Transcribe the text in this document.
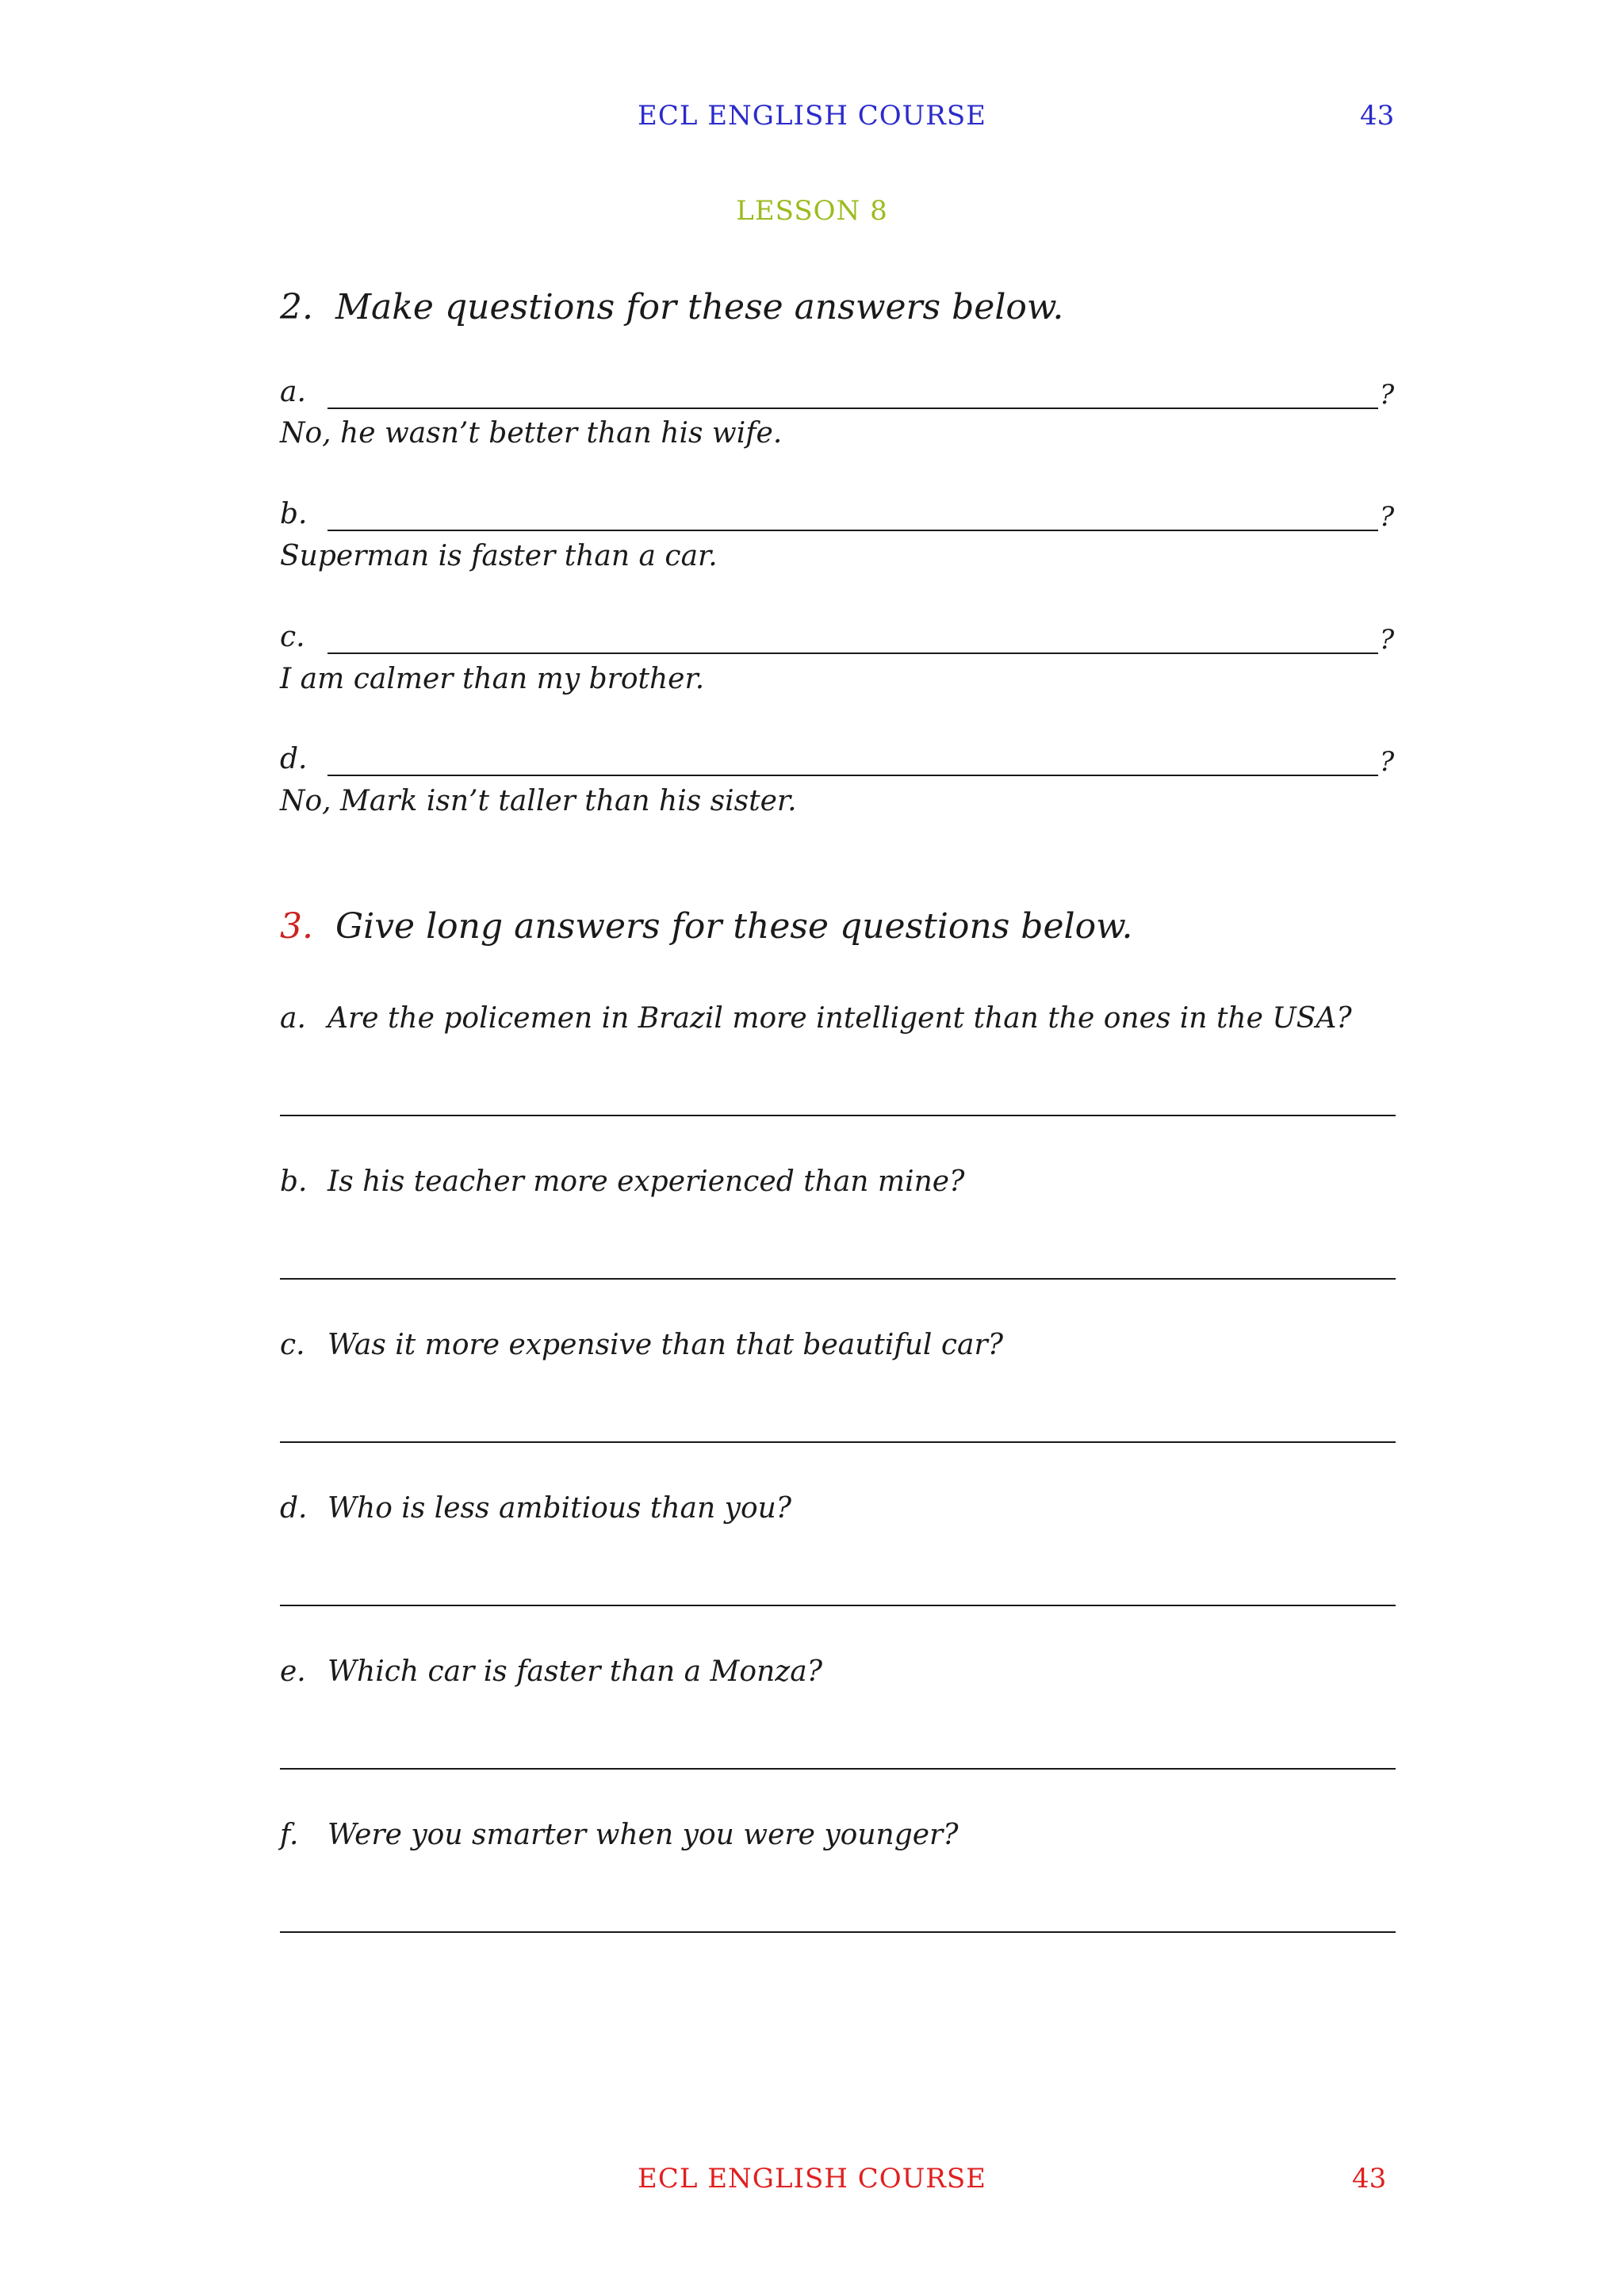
ECL ENGLISH COURSE	43
LESSON 8
2. Make questions for these answers below.
a.	?
No, he wasn’t better than his wife.
b.	?
Superman is faster than a car.
c.	?
I am calmer than my brother.
d.	?
No, Mark isn’t taller than his sister.
3. Give long answers for these questions below.
a. Are the policemen in Brazil more intelligent than the ones in the USA?
b. Is his teacher more experienced than mine?
c. Was it more expensive than that beautiful car?
d. Who is less ambitious than you?
e. Which car is faster than a Monza?
f. Were you smarter when you were younger?
ECL ENGLISH COURSE	43
